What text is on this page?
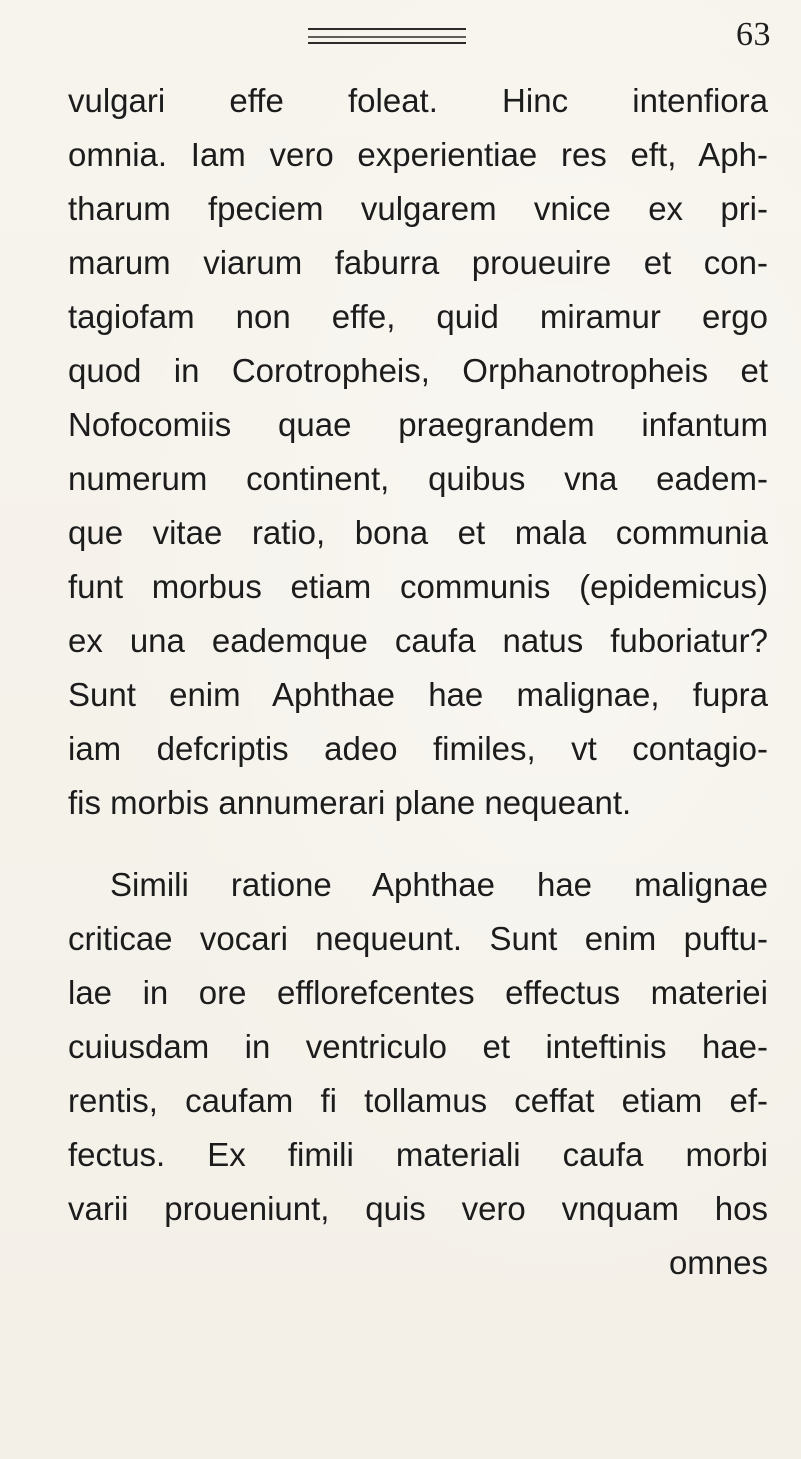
63
vulgari effe foleat. Hinc intenfiora
omnia. Iam vero experientiae res eft, Aph-
tharum fpeciem vulgarem vnice ex pri-
marum viarum faburra proueuire et con-
tagiofam non effe, quid miramur ergo
quod in Corotropheis, Orphanotropheis et
Nofocomiis quae praegrandem infantum
numerum continent, quibus vna eadem-
que vitae ratio, bona et mala communia
funt morbus etiam communis (epidemicus)
ex una eademque caufa natus fuboriatur?
Sunt enim Aphthae hae malignae, fupra
iam defcriptis adeo fimiles, vt contagio-
fis morbis annumerari plane nequeant.
Simili ratione Aphthae hae malignae
criticae vocari nequeunt. Sunt enim puftu-
lae in ore efflorefcentes effectus materiei
cuiusdam in ventriculo et inteftinis hae-
rentis, caufam fi tollamus ceffat etiam ef-
fectus. Ex fimili materiali caufa morbi
varii proueniunt, quis vero vnquam hos
omnes
